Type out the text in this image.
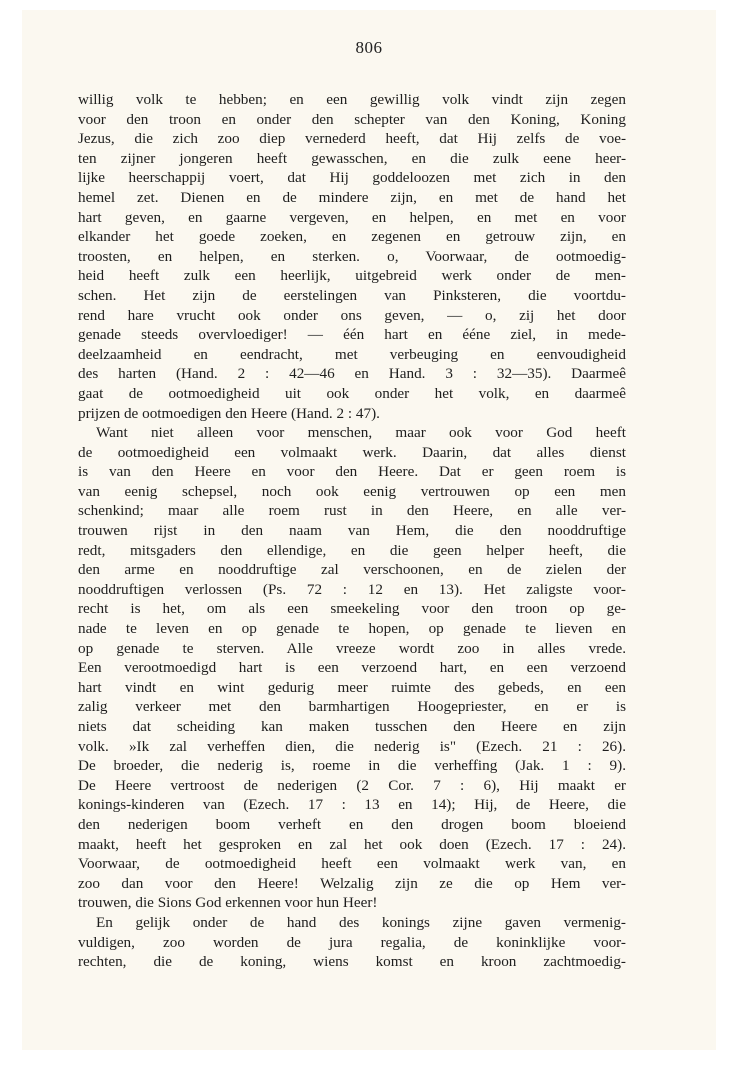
806
willig volk te hebben; en een gewillig volk vindt zijn zegen
voor den troon en onder den schepter van den Koning, Koning
Jezus, die zich zoo diep vernederd heeft, dat Hij zelfs de voe-
ten zijner jongeren heeft gewasschen, en die zulk eene heer-
lijke heerschappij voert, dat Hij goddeloozen met zich in den
hemel zet. Dienen en de mindere zijn, en met de hand het
hart geven, en gaarne vergeven, en helpen, en met en voor
elkander het goede zoeken, en zegenen en getrouw zijn, en
troosten, en helpen, en sterken. o, Voorwaar, de ootmoedig-
heid heeft zulk een heerlijk, uitgebreid werk onder de men-
schen. Het zijn de eerstelingen van Pinksteren, die voortdu-
rend hare vrucht ook onder ons geven, — o, zij het door
genade steeds overvloediger! — één hart en ééne ziel, in mede-
deelzaamheid en eendracht, met verbeuging en eenvoudigheid
des harten (Hand. 2 : 42—46 en Hand. 3 : 32—35). Daarmeê
gaat de ootmoedigheid uit ook onder het volk, en daarmeê
prijzen de ootmoedigen den Heere (Hand. 2 : 47).
Want niet alleen voor menschen, maar ook voor God heeft
de ootmoedigheid een volmaakt werk. Daarin, dat alles dienst
is van den Heere en voor den Heere. Dat er geen roem is
van eenig schepsel, noch ook eenig vertrouwen op een men
schenkind; maar alle roem rust in den Heere, en alle ver-
trouwen rijst in den naam van Hem, die den nooddruftige
redt, mitsgaders den ellendige, en die geen helper heeft, die
den arme en nooddruftige zal verschoonen, en de zielen der
nooddruftigen verlossen (Ps. 72 : 12 en 13). Het zaligste voor-
recht is het, om als een smeekeling voor den troon op ge-
nade te leven en op genade te hopen, op genade te lieven en
op genade te sterven. Alle vreeze wordt zoo in alles vrede.
Een verootmoedigd hart is een verzoend hart, en een verzoend
hart vindt en wint gedurig meer ruimte des gebeds, en een
zalig verkeer met den barmhartigen Hoogepriester, en er is
niets dat scheiding kan maken tusschen den Heere en zijn
volk. »Ik zal verheffen dien, die nederig is" (Ezech. 21 : 26).
De broeder, die nederig is, roeme in die verheffing (Jak. 1 : 9).
De Heere vertroost de nederigen (2 Cor. 7 : 6), Hij maakt er
konings-kinderen van (Ezech. 17 : 13 en 14); Hij, de Heere, die
den nederigen boom verheft en den drogen boom bloeiend
maakt, heeft het gesproken en zal het ook doen (Ezech. 17 : 24).
Voorwaar, de ootmoedigheid heeft een volmaakt werk van, en
zoo dan voor den Heere! Welzalig zijn ze die op Hem ver-
trouwen, die Sions God erkennen voor hun Heer!
En gelijk onder de hand des konings zijne gaven vermenig-
vuldigen, zoo worden de jura regalia, de koninklijke voor-
rechten, die de koning, wiens komst en kroon zachtmoedig-
